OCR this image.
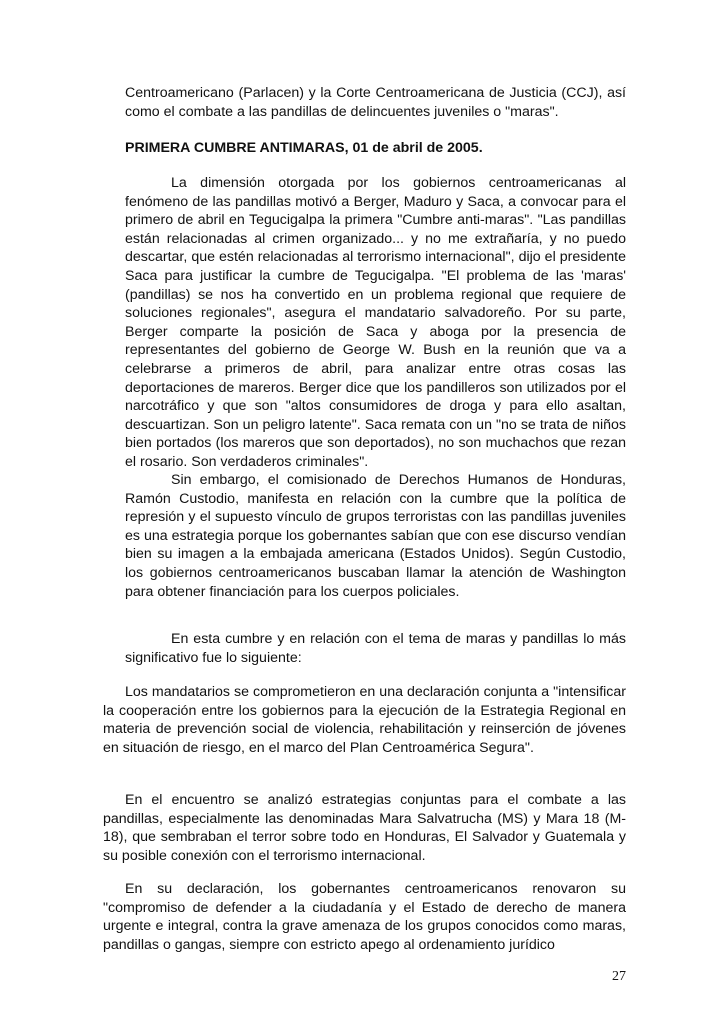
Centroamericano (Parlacen) y la Corte Centroamericana de Justicia (CCJ), así como el combate a las pandillas de delincuentes juveniles o "maras".

PRIMERA CUMBRE ANTIMARAS, 01 de abril de 2005.

La dimensión otorgada por los gobiernos centroamericanas al fenómeno de las pandillas motivó a Berger, Maduro y Saca, a convocar para el primero de abril en Tegucigalpa la primera "Cumbre anti-maras". "Las pandillas están relacionadas al crimen organizado... y no me extrañaría, y no puedo descartar, que estén relacionadas al terrorismo internacional", dijo el presidente Saca para justificar la cumbre de Tegucigalpa. "El problema de las 'maras' (pandillas) se nos ha convertido en un problema regional que requiere de soluciones regionales", asegura el mandatario salvadoreño. Por su parte, Berger comparte la posición de Saca y aboga por la presencia de representantes del gobierno de George W. Bush en la reunión que va a celebrarse a primeros de abril, para analizar entre otras cosas las deportaciones de mareros. Berger dice que los pandilleros son utilizados por el narcotráfico y que son "altos consumidores de droga y para ello asaltan, descuartizan. Son un peligro latente". Saca remata con un "no se trata de niños bien portados (los mareros que son deportados), no son muchachos que rezan el rosario. Son verdaderos criminales".

Sin embargo, el comisionado de Derechos Humanos de Honduras, Ramón Custodio, manifesta en relación con la cumbre que la política de represión y el supuesto vínculo de grupos terroristas con las pandillas juveniles es una estrategia porque los gobernantes sabían que con ese discurso vendían bien su imagen a la embajada americana (Estados Unidos). Según Custodio, los gobiernos centroamericanos buscaban llamar la atención de Washington para obtener financiación para los cuerpos policiales.

En esta cumbre y en relación con el tema de maras y pandillas lo más significativo fue lo siguiente:

Los mandatarios se comprometieron en una declaración conjunta a "intensificar la cooperación entre los gobiernos para la ejecución de la Estrategia Regional en materia de prevención social de violencia, rehabilitación y reinserción de jóvenes en situación de riesgo, en el marco del Plan Centroamérica Segura".

En el encuentro se analizó estrategias conjuntas para el combate a las pandillas, especialmente las denominadas Mara Salvatrucha (MS) y Mara 18 (M-18), que sembraban el terror sobre todo en Honduras, El Salvador y Guatemala y su posible conexión con el terrorismo internacional.

En su declaración, los gobernantes centroamericanos renovaron su "compromiso de defender a la ciudadanía y el Estado de derecho de manera urgente e integral, contra la grave amenaza de los grupos conocidos como maras, pandillas o gangas, siempre con estricto apego al ordenamiento jurídico

27
